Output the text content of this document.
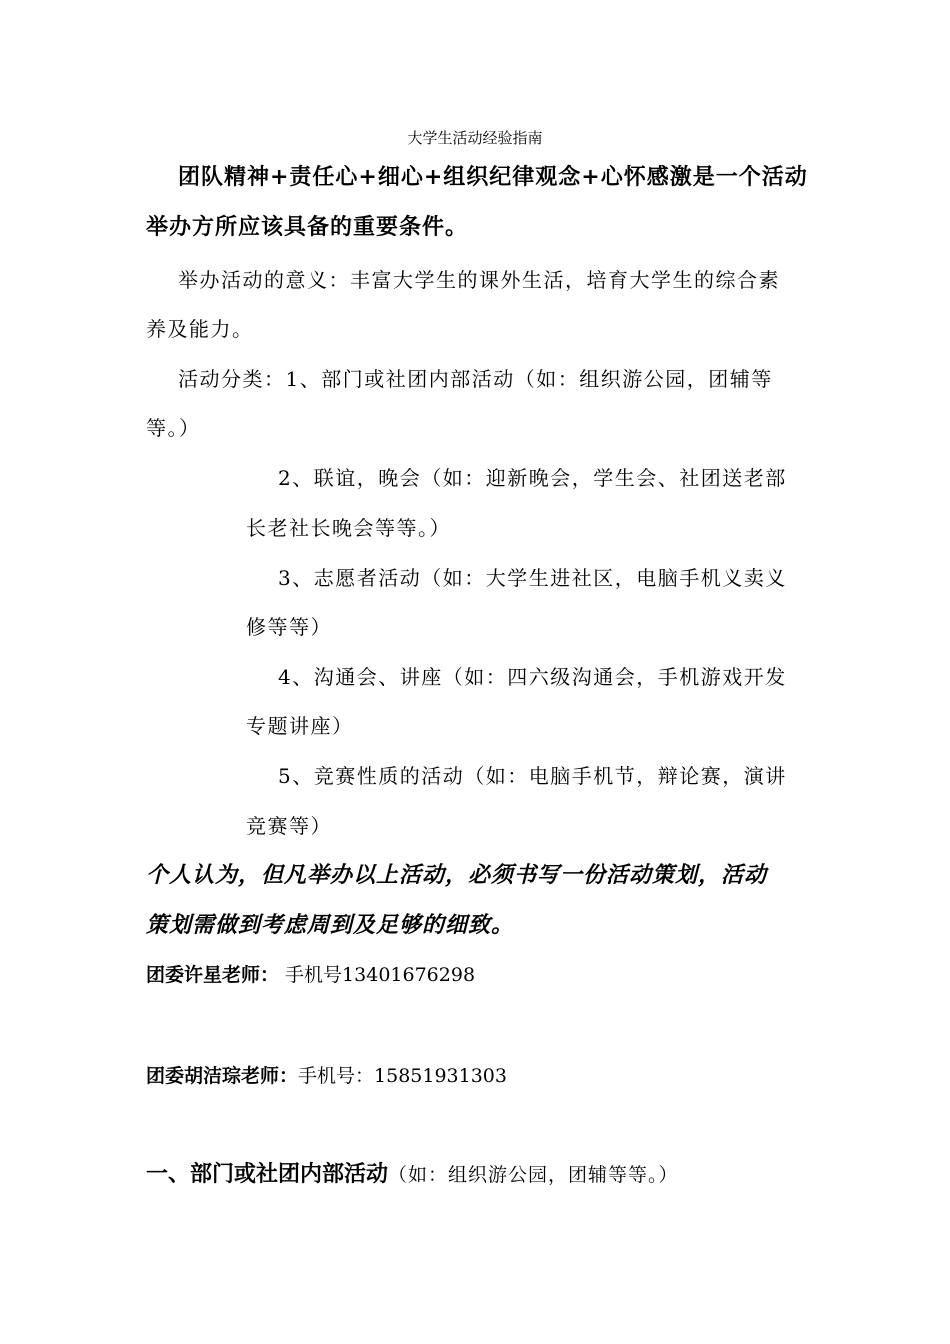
大学生活动经验指南
团队精神+责任心+细心+组织纪律观念+心怀感激是一个活动
举办方所应该具备的重要条件。
举办活动的意义：丰富大学生的课外生活，培育大学生的综合素
养及能力。
活动分类：1、部门或社团内部活动（如：组织游公园，团辅等
等。）
2、联谊，晚会（如：迎新晚会，学生会、社团送老部
长老社长晚会等等。）
3、志愿者活动（如：大学生进社区，电脑手机义卖义
修等等）
4、沟通会、讲座（如：四六级沟通会，手机游戏开发
专题讲座）
5、竞赛性质的活动（如：电脑手机节，辩论赛，演讲
竞赛等）
个人认为，但凡举办以上活动，必须书写一份活动策划，活动
策划需做到考虑周到及足够的细致。
团委许星老师： 手机号13401676298
团委胡洁琮老师：手机号：15851931303
一、部门或社团内部活动（如：组织游公园，团辅等等。）
